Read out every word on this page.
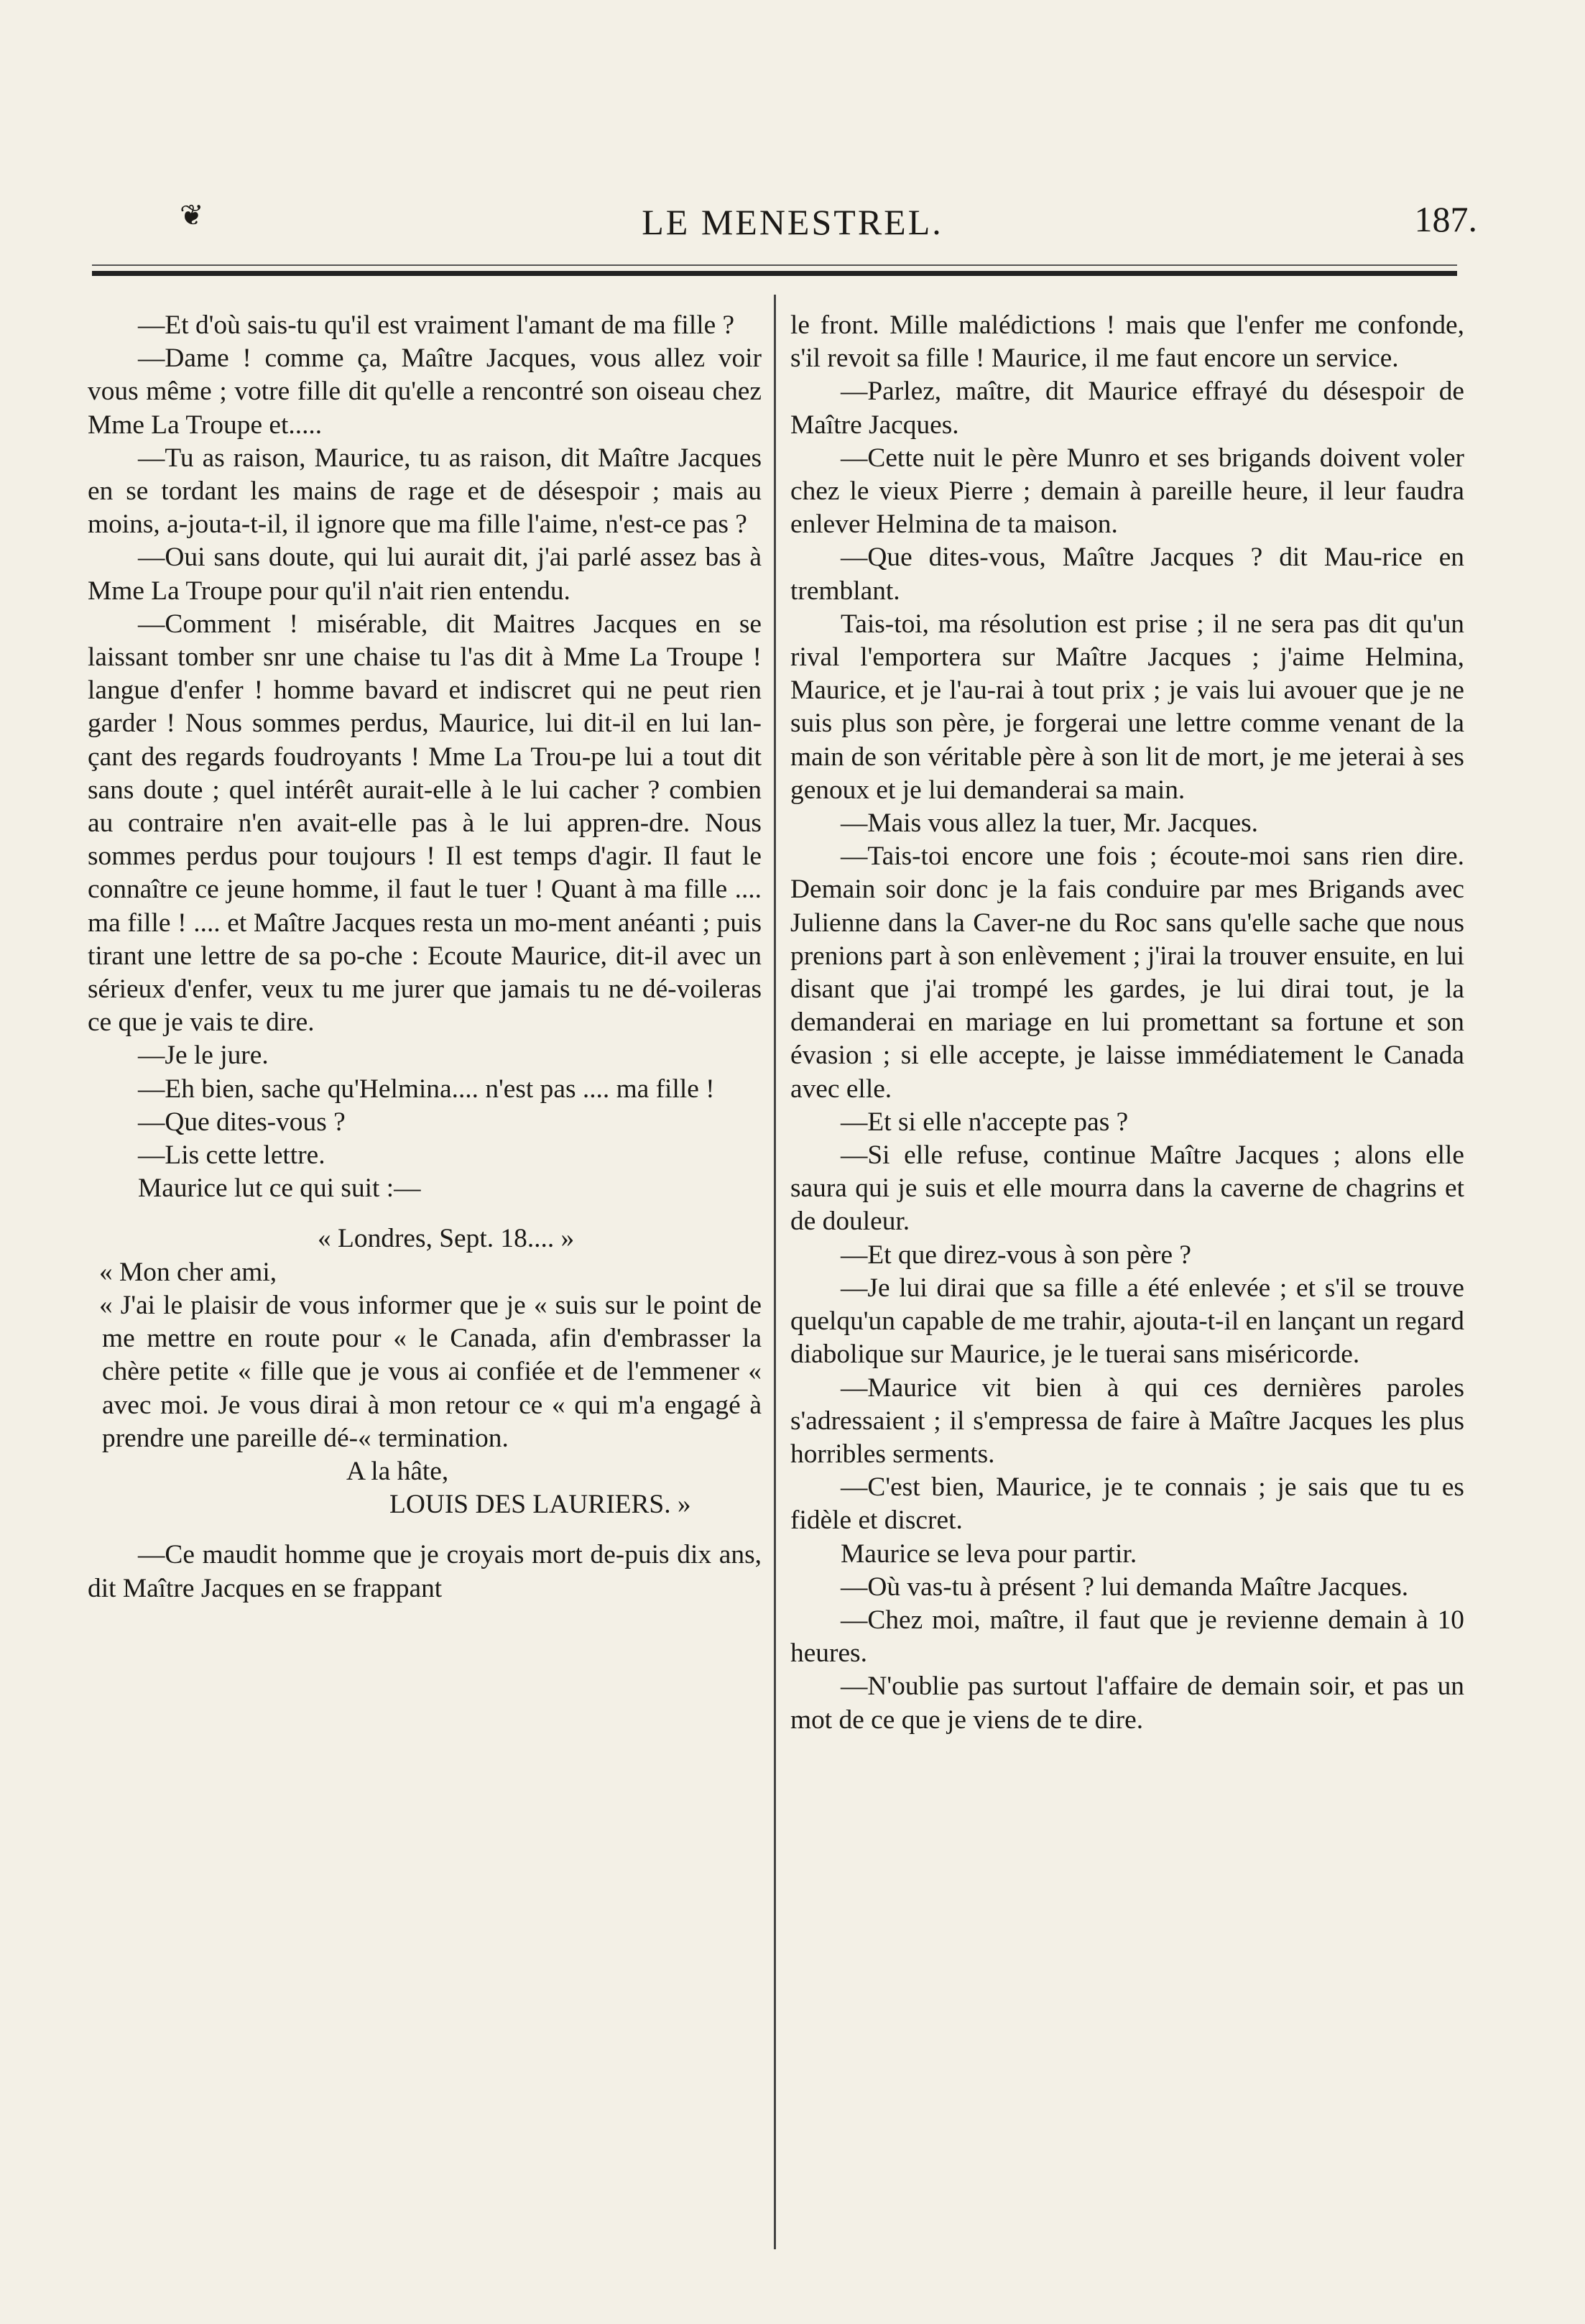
❦	LE MENESTREL.	187.

—Et d'où sais-tu qu'il est vraiment l'amant de ma fille ?

—Dame ! comme ça, Maître Jacques, vous allez voir vous même ; votre fille dit qu'elle a rencontré son oiseau chez Mme La Troupe et.....

—Tu as raison, Maurice, tu as raison, dit Maître Jacques en se tordant les mains de rage et de désespoir ; mais au moins, a-jouta-t-il, il ignore que ma fille l'aime, n'est-ce pas ?

—Oui sans doute, qui lui aurait dit, j'ai parlé assez bas à Mme La Troupe pour qu'il n'ait rien entendu.

—Comment ! misérable, dit Maitres Jacques en se laissant tomber snr une chaise tu l'as dit à Mme La Troupe ! langue d'enfer ! homme bavard et indiscret qui ne peut rien garder ! Nous sommes perdus, Maurice, lui dit-il en lui lan-çant des regards foudroyants ! Mme La Trou-pe lui a tout dit sans doute ; quel intérêt aurait-elle à le lui cacher ? combien au contraire n'en avait-elle pas à le lui appren-dre. Nous sommes perdus pour toujours ! Il est temps d'agir. Il faut le connaître ce jeune homme, il faut le tuer ! Quant à ma fille .... ma fille ! .... et Maître Jacques resta un mo-ment anéanti ; puis tirant une lettre de sa po-che : Ecoute Maurice, dit-il avec un sérieux d'enfer, veux tu me jurer que jamais tu ne dé-voileras ce que je vais te dire.

—Je le jure.

—Eh bien, sache qu'Helmina.... n'est pas .... ma fille !

—Que dites-vous ?

—Lis cette lettre.

Maurice lut ce qui suit :—

« Londres, Sept. 18.... »

« Mon cher ami,

« J'ai le plaisir de vous informer que je « suis sur le point de me mettre en route pour « le Canada, afin d'embrasser la chère petite « fille que je vous ai confiée et de l'emmener « avec moi. Je vous dirai à mon retour ce « qui m'a engagé à prendre une pareille dé-« termination.

A la hâte,

LOUIS DES LAURIERS. »

—Ce maudit homme que je croyais mort de-puis dix ans, dit Maître Jacques en se frappant

le front. Mille malédictions ! mais que l'enfer me confonde, s'il revoit sa fille ! Maurice, il me faut encore un service.

—Parlez, maître, dit Maurice effrayé du désespoir de Maître Jacques.

—Cette nuit le père Munro et ses brigands doivent voler chez le vieux Pierre ; demain à pareille heure, il leur faudra enlever Helmina de ta maison.

—Que dites-vous, Maître Jacques ? dit Mau-rice en tremblant.

Tais-toi, ma résolution est prise ; il ne sera pas dit qu'un rival l'emportera sur Maître Jacques ; j'aime Helmina, Maurice, et je l'au-rai à tout prix ; je vais lui avouer que je ne suis plus son père, je forgerai une lettre comme venant de la main de son véritable père à son lit de mort, je me jeterai à ses genoux et je lui demanderai sa main.

—Mais vous allez la tuer, Mr. Jacques.

—Tais-toi encore une fois ; écoute-moi sans rien dire. Demain soir donc je la fais conduire par mes Brigands avec Julienne dans la Caver-ne du Roc sans qu'elle sache que nous prenions part à son enlèvement ; j'irai la trouver ensuite, en lui disant que j'ai trompé les gardes, je lui dirai tout, je la demanderai en mariage en lui promettant sa fortune et son évasion ; si elle accepte, je laisse immédiatement le Canada avec elle.

—Et si elle n'accepte pas ?

—Si elle refuse, continue Maître Jacques ; alons elle saura qui je suis et elle mourra dans la caverne de chagrins et de douleur.

—Et que direz-vous à son père ?

—Je lui dirai que sa fille a été enlevée ; et s'il se trouve quelqu'un capable de me trahir, ajouta-t-il en lançant un regard diabolique sur Maurice, je le tuerai sans miséricorde.

—Maurice vit bien à qui ces dernières paroles s'adressaient ; il s'empressa de faire à Maître Jacques les plus horribles serments.

—C'est bien, Maurice, je te connais ; je sais que tu es fidèle et discret.

Maurice se leva pour partir.

—Où vas-tu à présent ? lui demanda Maître Jacques.

—Chez moi, maître, il faut que je revienne demain à 10 heures.

—N'oublie pas surtout l'affaire de demain soir, et pas un mot de ce que je viens de te dire.
